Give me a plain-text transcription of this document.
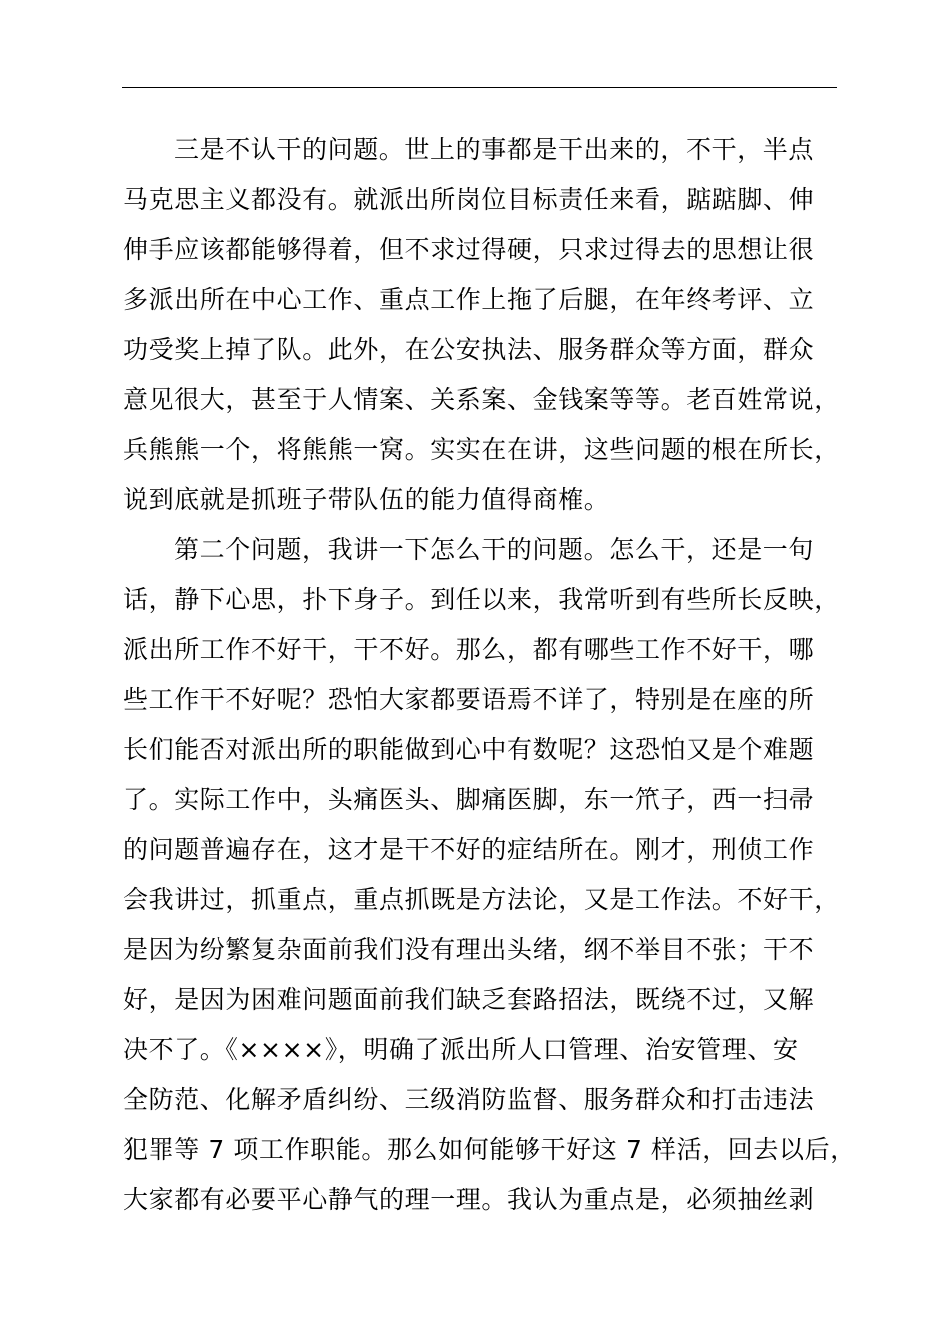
三是不认干的问题。世上的事都是干出来的，不干，半点
马克思主义都没有。就派出所岗位目标责任来看，踮踮脚、伸
伸手应该都能够得着，但不求过得硬，只求过得去的思想让很
多派出所在中心工作、重点工作上拖了后腿，在年终考评、立
功受奖上掉了队。此外，在公安执法、服务群众等方面，群众
意见很大，甚至于人情案、关系案、金钱案等等。老百姓常说，
兵熊熊一个，将熊熊一窝。实实在在讲，这些问题的根在所长，
说到底就是抓班子带队伍的能力值得商榷。
第二个问题，我讲一下怎么干的问题。怎么干，还是一句
话，静下心思，扑下身子。到任以来，我常听到有些所长反映，
派出所工作不好干，干不好。那么，都有哪些工作不好干，哪
些工作干不好呢？恐怕大家都要语焉不详了，特别是在座的所
长们能否对派出所的职能做到心中有数呢？这恐怕又是个难题
了。实际工作中，头痛医头、脚痛医脚，东一笊子，西一扫帚
的问题普遍存在，这才是干不好的症结所在。刚才，刑侦工作
会我讲过，抓重点，重点抓既是方法论，又是工作法。不好干，
是因为纷繁复杂面前我们没有理出头绪，纲不举目不张；干不
好，是因为困难问题面前我们缺乏套路招法，既绕不过，又解
决不了。《××××》，明确了派出所人口管理、治安管理、安
全防范、化解矛盾纠纷、三级消防监督、服务群众和打击违法
犯罪等 7 项工作职能。那么如何能够干好这 7 样活，回去以后，
大家都有必要平心静气的理一理。我认为重点是，必须抽丝剥
